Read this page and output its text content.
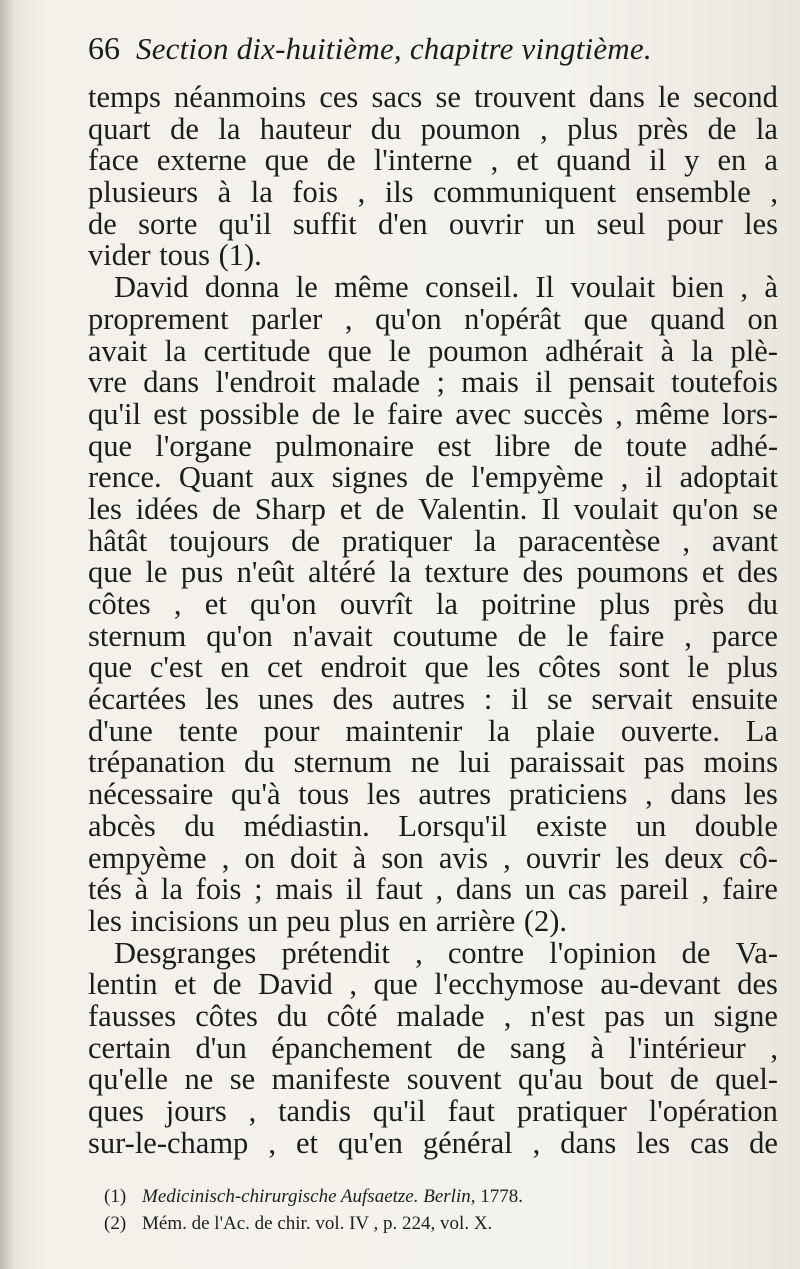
66 Section dix-huitième, chapitre vingtième.
temps néanmoins ces sacs se trouvent dans le second
quart de la hauteur du poumon , plus près de la
face externe que de l'interne , et quand il y en a
plusieurs à la fois , ils communiquent ensemble ,
de sorte qu'il suffit d'en ouvrir un seul pour les
vider tous (1).
David donna le même conseil. Il voulait bien , à
proprement parler , qu'on n'opérât que quand on
avait la certitude que le poumon adhérait à la plè-
vre dans l'endroit malade ; mais il pensait toutefois
qu'il est possible de le faire avec succès , même lors-
que l'organe pulmonaire est libre de toute adhé-
rence. Quant aux signes de l'empyème , il adoptait
les idées de Sharp et de Valentin. Il voulait qu'on se
hâtât toujours de pratiquer la paracentèse , avant
que le pus n'eût altéré la texture des poumons et des
côtes , et qu'on ouvrît la poitrine plus près du
sternum qu'on n'avait coutume de le faire , parce
que c'est en cet endroit que les côtes sont le plus
écartées les unes des autres : il se servait ensuite
d'une tente pour maintenir la plaie ouverte. La
trépanation du sternum ne lui paraissait pas moins
nécessaire qu'à tous les autres praticiens , dans les
abcès du médiastin. Lorsqu'il existe un double
empyème , on doit à son avis , ouvrir les deux cô-
tés à la fois ; mais il faut , dans un cas pareil , faire
les incisions un peu plus en arrière (2).
Desgranges prétendit , contre l'opinion de Va-
lentin et de David , que l'ecchymose au-devant des
fausses côtes du côté malade , n'est pas un signe
certain d'un épanchement de sang à l'intérieur ,
qu'elle ne se manifeste souvent qu'au bout de quel-
ques jours , tandis qu'il faut pratiquer l'opération
sur-le-champ , et qu'en général , dans les cas de
(1) Medicinisch-chirurgische Aufsaetze. Berlin, 1778.
(2) Mém. de l'Ac. de chir. vol. IV , p. 224, vol. X.
